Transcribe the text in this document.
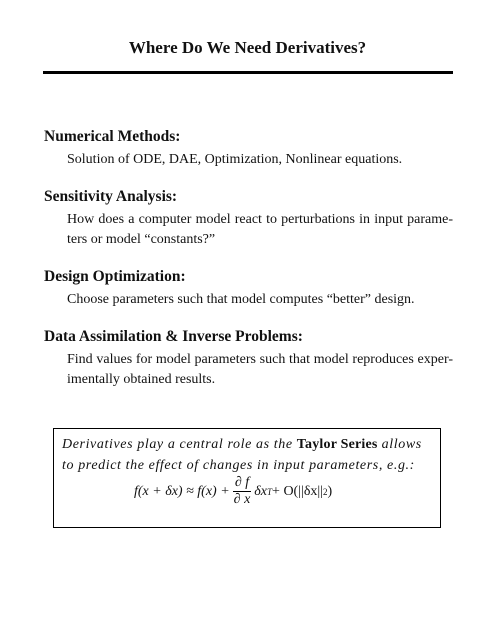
Where Do We Need Derivatives?
Numerical Methods:
Solution of ODE, DAE, Optimization, Nonlinear equations.
Sensitivity Analysis:
How does a computer model react to perturbations in input parame-ters or model “constants?”
Design Optimization:
Choose parameters such that model computes “better” design.
Data Assimilation & Inverse Problems:
Find values for model parameters such that model reproduces exper-imentally obtained results.
Derivatives play a central role as the Taylor Series allows to predict the effect of changes in input parameters, e.g.:
$f(x + \delta x) \approx f(x) + \frac{\partial f}{\partial x}$ δx T + O(||δx|| 2 )
